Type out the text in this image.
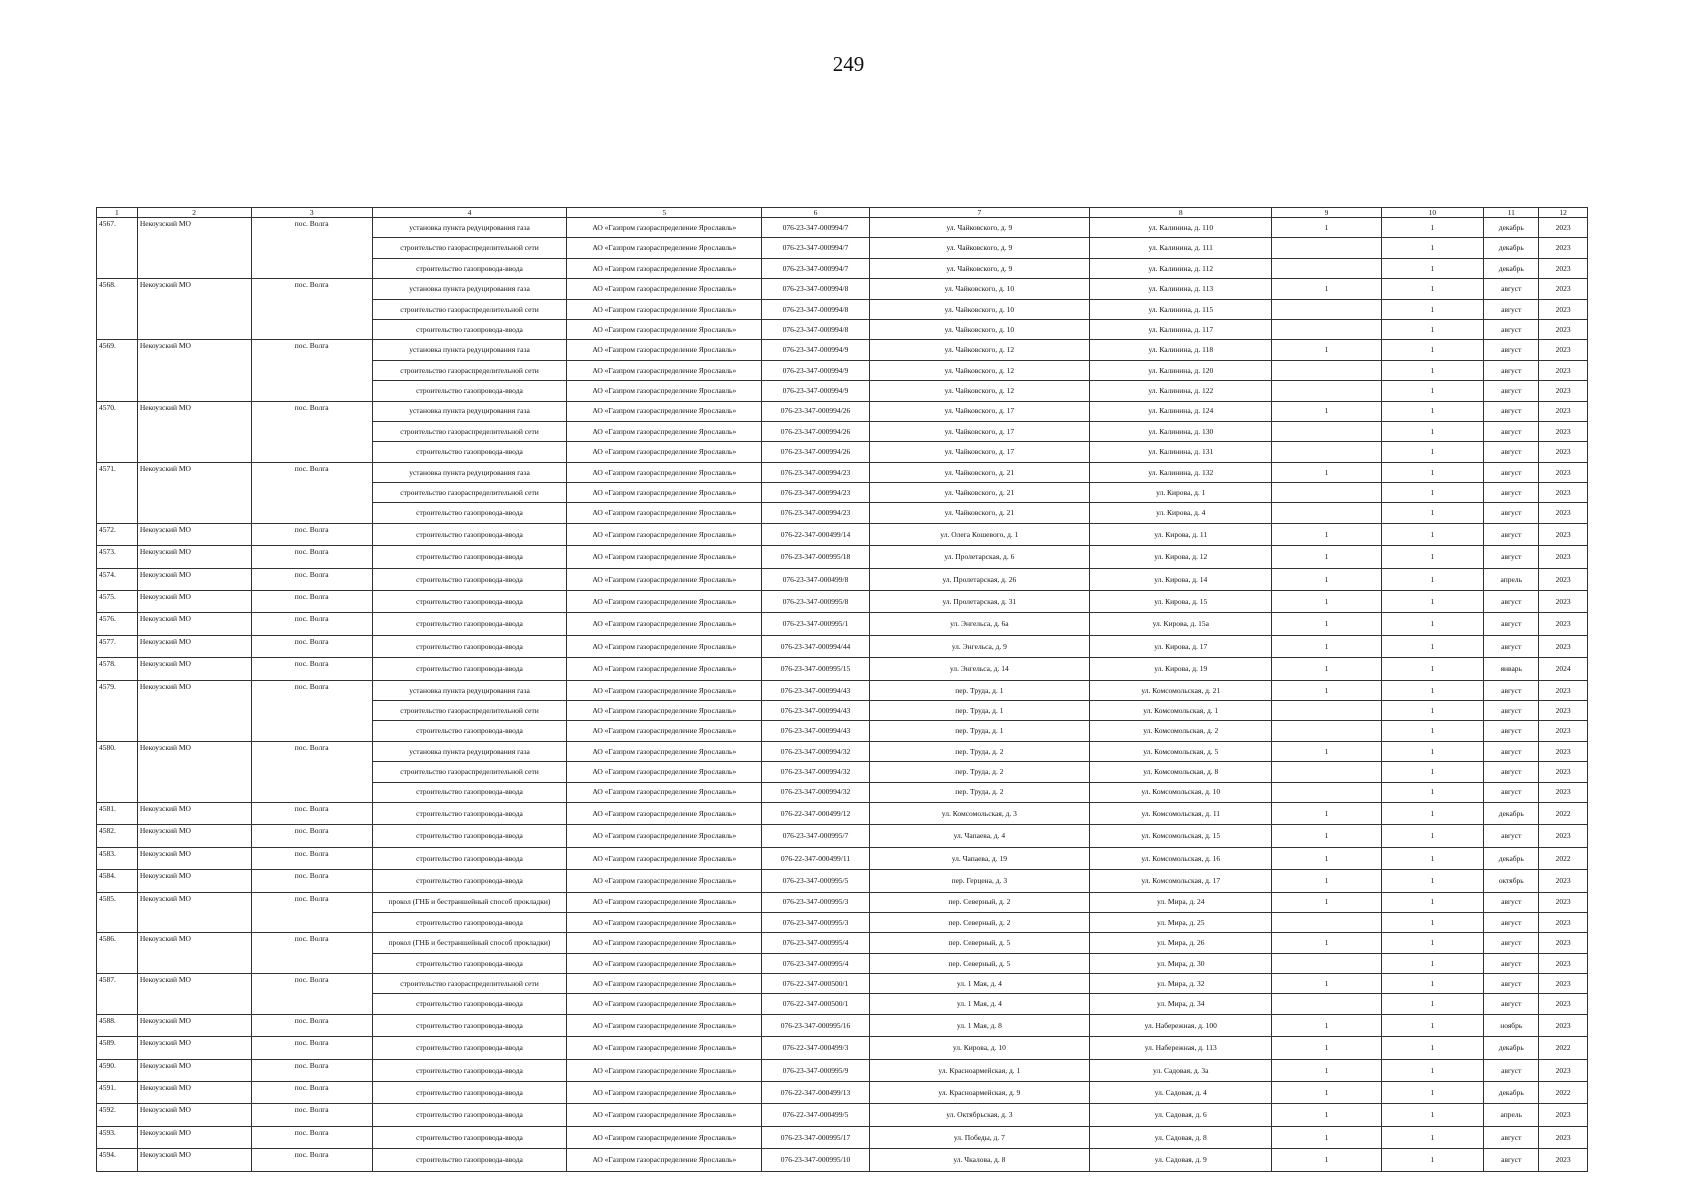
249
1	2	3	4	5	6	7	8	9	10	11	12
4567.	Некоузский МО	пос. Волга	установка пункта редуцирования газа	АО «Газпром газораспределение Ярославль»	076-23-347-000994/7	ул. Чайковского, д. 9	ул. Калинина, д. 110	1	1	декабрь	2023
			строительство газораспределительной сети	АО «Газпром газораспределение Ярославль»	076-23-347-000994/7	ул. Чайковского, д. 9	ул. Калинина, д. 111		1	декабрь	2023
			строительство газопровода-ввода	АО «Газпром газораспределение Ярославль»	076-23-347-000994/7	ул. Чайковского, д. 9	ул. Калинина, д. 112		1	декабрь	2023
4568.	Некоузский МО	пос. Волга	установка пункта редуцирования газа	АО «Газпром газораспределение Ярославль»	076-23-347-000994/8	ул. Чайковского, д. 10	ул. Калинина, д. 113	1	1	август	2023
			строительство газораспределительной сети	АО «Газпром газораспределение Ярославль»	076-23-347-000994/8	ул. Чайковского, д. 10	ул. Калинина, д. 115		1	август	2023
			строительство газопровода-ввода	АО «Газпром газораспределение Ярославль»	076-23-347-000994/8	ул. Чайковского, д. 10	ул. Калинина, д. 117		1	август	2023
4569.	Некоузский МО	пос. Волга	установка пункта редуцирования газа	АО «Газпром газораспределение Ярославль»	076-23-347-000994/9	ул. Чайковского, д. 12	ул. Калинина, д. 118	1	1	август	2023
			строительство газораспределительной сети	АО «Газпром газораспределение Ярославль»	076-23-347-000994/9	ул. Чайковского, д. 12	ул. Калинина, д. 120		1	август	2023
			строительство газопровода-ввода	АО «Газпром газораспределение Ярославль»	076-23-347-000994/9	ул. Чайковского, д. 12	ул. Калинина, д. 122		1	август	2023
4570.	Некоузский МО	пос. Волга	установка пункта редуцирования газа	АО «Газпром газораспределение Ярославль»	076-23-347-000994/26	ул. Чайковского, д. 17	ул. Калинина, д. 124	1	1	август	2023
			строительство газораспределительной сети	АО «Газпром газораспределение Ярославль»	076-23-347-000994/26	ул. Чайковского, д. 17	ул. Калинина, д. 130		1	август	2023
			строительство газопровода-ввода	АО «Газпром газораспределение Ярославль»	076-23-347-000994/26	ул. Чайковского, д. 17	ул. Калинина, д. 131		1	август	2023
4571.	Некоузский МО	пос. Волга	установка пункта редуцирования газа	АО «Газпром газораспределение Ярославль»	076-23-347-000994/23	ул. Чайковского, д. 21	ул. Калинина, д. 132	1	1	август	2023
			строительство газораспределительной сети	АО «Газпром газораспределение Ярославль»	076-23-347-000994/23	ул. Чайковского, д. 21	ул. Кирова, д. 1		1	август	2023
			строительство газопровода-ввода	АО «Газпром газораспределение Ярославль»	076-23-347-000994/23	ул. Чайковского, д. 21	ул. Кирова, д. 4		1	август	2023
4572.	Некоузский МО	пос. Волга	строительство газопровода-ввода	АО «Газпром газораспределение Ярославль»	076-22-347-000499/14	ул. Олега Кошевого, д. 1	ул. Кирова, д. 11	1	1	август	2023
4573.	Некоузский МО	пос. Волга	строительство газопровода-ввода	АО «Газпром газораспределение Ярославль»	076-23-347-000995/18	ул. Пролетарская, д. 6	ул. Кирова, д. 12	1	1	август	2023
4574.	Некоузский МО	пос. Волга	строительство газопровода-ввода	АО «Газпром газораспределение Ярославль»	076-23-347-000499/8	ул. Пролетарская, д. 26	ул. Кирова, д. 14	1	1	апрель	2023
4575.	Некоузский МО	пос. Волга	строительство газопровода-ввода	АО «Газпром газораспределение Ярославль»	076-23-347-000995/8	ул. Пролетарская, д. 31	ул. Кирова, д. 15	1	1	август	2023
4576.	Некоузский МО	пос. Волга	строительство газопровода-ввода	АО «Газпром газораспределение Ярославль»	076-23-347-000995/1	ул. Энгельса, д. 6а	ул. Кирова, д. 15а	1	1	август	2023
4577.	Некоузский МО	пос. Волга	строительство газопровода-ввода	АО «Газпром газораспределение Ярославль»	076-23-347-000994/44	ул. Энгельса, д. 9	ул. Кирова, д. 17	1	1	август	2023
4578.	Некоузский МО	пос. Волга	строительство газопровода-ввода	АО «Газпром газораспределение Ярославль»	076-23-347-000995/15	ул. Энгельса, д. 14	ул. Кирова, д. 19	1	1	январь	2024
4579.	Некоузский МО	пос. Волга	установка пункта редуцирования газа	АО «Газпром газораспределение Ярославль»	076-23-347-000994/43	пер. Труда, д. 1	ул. Комсомольская, д. 21	1	1	август	2023
			строительство газораспределительной сети	АО «Газпром газораспределение Ярославль»	076-23-347-000994/43	пер. Труда, д. 1	ул. Комсомольская, д. 1		1	август	2023
			строительство газопровода-ввода	АО «Газпром газораспределение Ярославль»	076-23-347-000994/43	пер. Труда, д. 1	ул. Комсомольская, д. 2		1	август	2023
4580.	Некоузский МО	пос. Волга	установка пункта редуцирования газа	АО «Газпром газораспределение Ярославль»	076-23-347-000994/32	пер. Труда, д. 2	ул. Комсомольская, д. 5	1	1	август	2023
			строительство газораспределительной сети	АО «Газпром газораспределение Ярославль»	076-23-347-000994/32	пер. Труда, д. 2	ул. Комсомольская, д. 8		1	август	2023
			строительство газопровода-ввода	АО «Газпром газораспределение Ярославль»	076-23-347-000994/32	пер. Труда, д. 2	ул. Комсомольская, д. 10		1	август	2023
4581.	Некоузский МО	пос. Волга	строительство газопровода-ввода	АО «Газпром газораспределение Ярославль»	076-22-347-000499/12	ул. Комсомольская, д. 3	ул. Комсомольская, д. 11	1	1	декабрь	2022
4582.	Некоузский МО	пос. Волга	строительство газопровода-ввода	АО «Газпром газораспределение Ярославль»	076-23-347-000995/7	ул. Чапаева, д. 4	ул. Комсомольская, д. 15	1	1	август	2023
4583.	Некоузский МО	пос. Волга	строительство газопровода-ввода	АО «Газпром газораспределение Ярославль»	076-22-347-000499/11	ул. Чапаева, д. 19	ул. Комсомольская, д. 16	1	1	декабрь	2022
4584.	Некоузский МО	пос. Волга	строительство газопровода-ввода	АО «Газпром газораспределение Ярославль»	076-23-347-000995/5	пер. Герцена, д. 3	ул. Комсомольская, д. 17	1	1	октябрь	2023
4585.	Некоузский МО	пос. Волга	прокол (ГНБ и бестраншейный способ прокладки)	АО «Газпром газораспределение Ярославль»	076-23-347-000995/3	пер. Северный, д. 2	ул. Мира, д. 24	1	1	август	2023
			строительство газопровода-ввода	АО «Газпром газораспределение Ярославль»	076-23-347-000995/3	пер. Северный, д. 2	ул. Мира, д. 25		1	август	2023
4586.	Некоузский МО	пос. Волга	прокол (ГНБ и бестраншейный способ прокладки)	АО «Газпром газораспределение Ярославль»	076-23-347-000995/4	пер. Северный, д. 5	ул. Мира, д. 26	1	1	август	2023
			строительство газопровода-ввода	АО «Газпром газораспределение Ярославль»	076-23-347-000995/4	пер. Северный, д. 5	ул. Мира, д. 30		1	август	2023
4587.	Некоузский МО	пос. Волга	строительство газораспределительной сети	АО «Газпром газораспределение Ярославль»	076-22-347-000500/1	ул. 1 Мая, д. 4	ул. Мира, д. 32	1	1	август	2023
			строительство газопровода-ввода	АО «Газпром газораспределение Ярославль»	076-22-347-000500/1	ул. 1 Мая, д. 4	ул. Мира, д. 34		1	август	2023
4588.	Некоузский МО	пос. Волга	строительство газопровода-ввода	АО «Газпром газораспределение Ярославль»	076-23-347-000995/16	ул. 1 Мая, д. 8	ул. Набережная, д. 100	1	1	ноябрь	2023
4589.	Некоузский МО	пос. Волга	строительство газопровода-ввода	АО «Газпром газораспределение Ярославль»	076-22-347-000499/3	ул. Кирова, д. 10	ул. Набережная, д. 113	1	1	декабрь	2022
4590.	Некоузский МО	пос. Волга	строительство газопровода-ввода	АО «Газпром газораспределение Ярославль»	076-23-347-000995/9	ул. Красноармейская, д. 1	ул. Садовая, д. 3а	1	1	август	2023
4591.	Некоузский МО	пос. Волга	строительство газопровода-ввода	АО «Газпром газораспределение Ярославль»	076-22-347-000499/13	ул. Красноармейская, д. 9	ул. Садовая, д. 4	1	1	декабрь	2022
4592.	Некоузский МО	пос. Волга	строительство газопровода-ввода	АО «Газпром газораспределение Ярославль»	076-22-347-000499/5	ул. Октябрьская, д. 3	ул. Садовая, д. 6	1	1	апрель	2023
4593.	Некоузский МО	пос. Волга	строительство газопровода-ввода	АО «Газпром газораспределение Ярославль»	076-23-347-000995/17	ул. Победы, д. 7	ул. Садовая, д. 8	1	1	август	2023
4594.	Некоузский МО	пос. Волга	строительство газопровода-ввода	АО «Газпром газораспределение Ярославль»	076-23-347-000995/10	ул. Чкалова, д. 8	ул. Садовая, д. 9	1	1	август	2023
